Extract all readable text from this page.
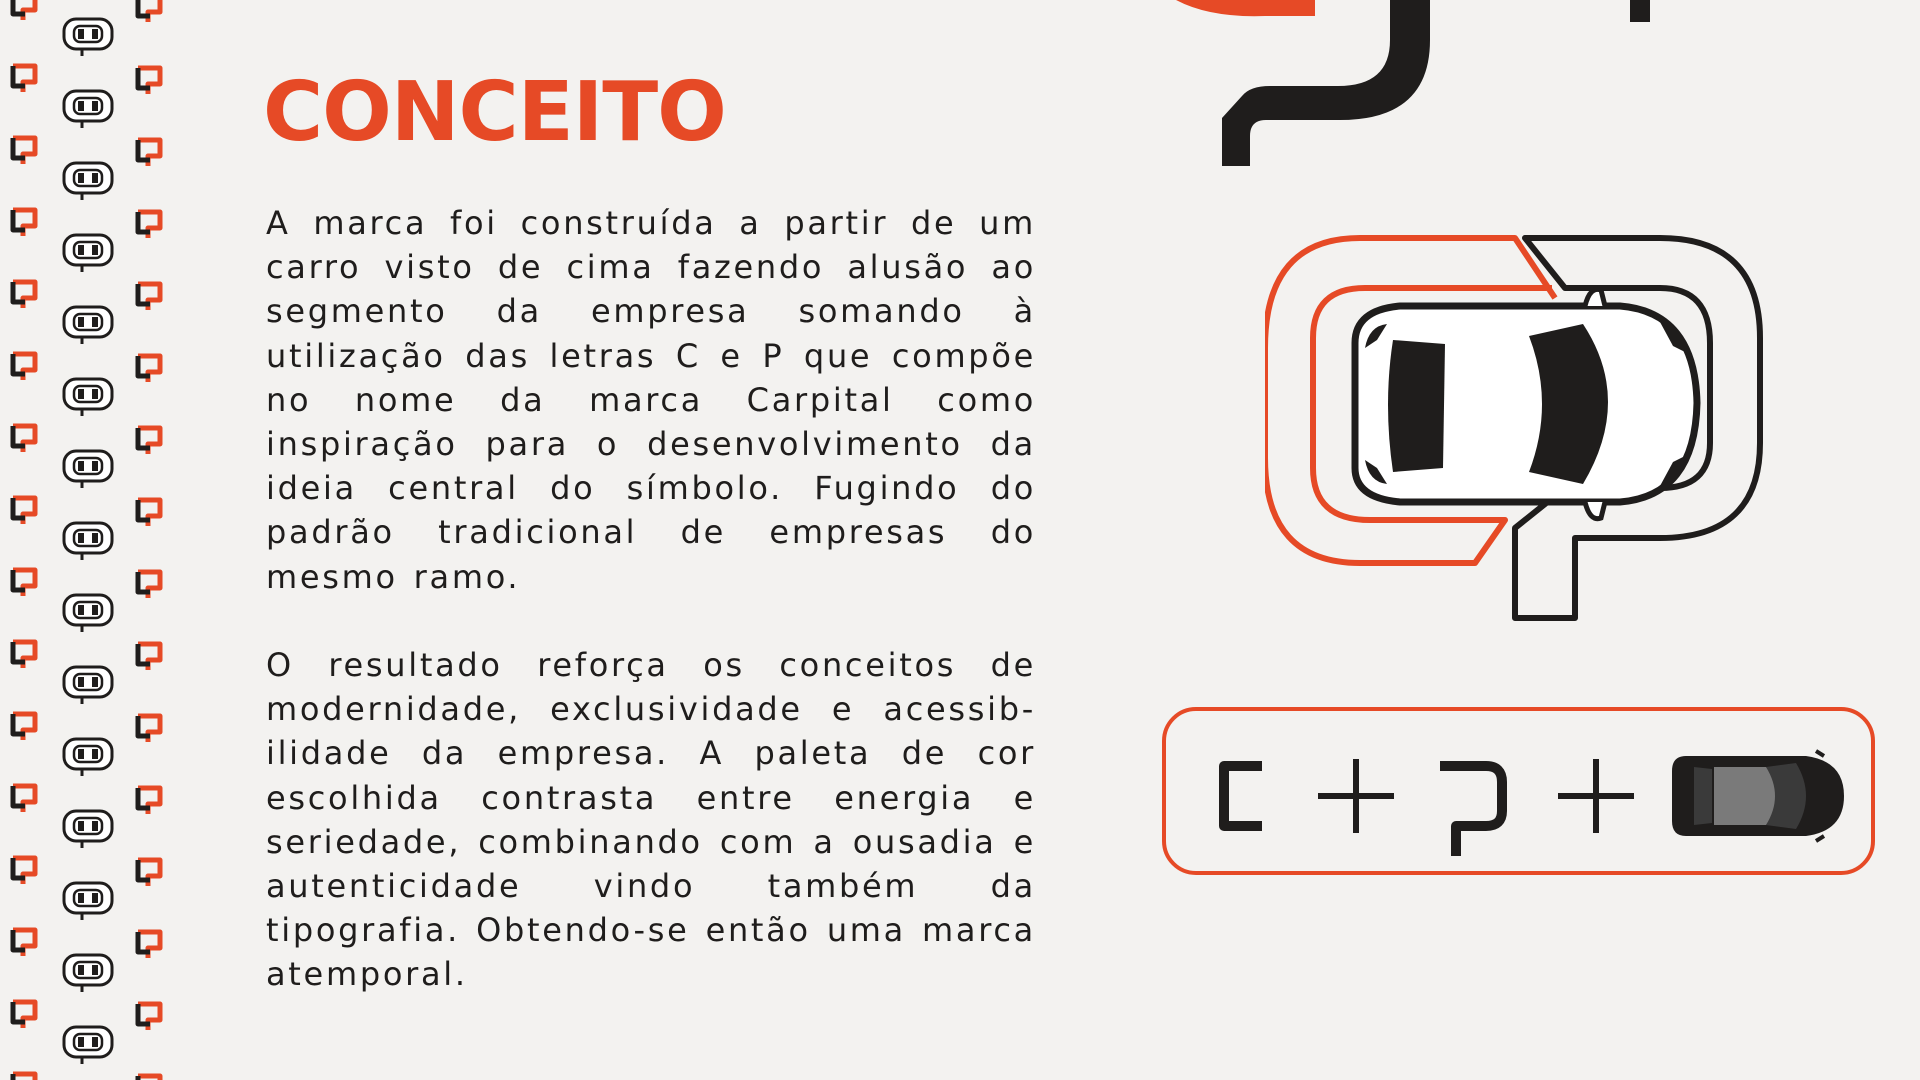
CONCEITO

A marca foi construída a partir de um carro visto de cima fazendo alusão ao segmento da empresa somando à utilização das letras C e P que compõe no nome da marca Carpital como inspiração para o desenvolvimento da ideia central do símbolo. Fugindo do padrão tradicional de empresas do mesmo ramo.

O resultado reforça os conceitos de modernidade, exclusividade e acessib- ilidade da empresa. A paleta de cor escolhida contrasta entre energia e seriedade, combinando com a ousadia e autenticidade vindo também da tipografia. Obtendo-se então uma marca atemporal.
